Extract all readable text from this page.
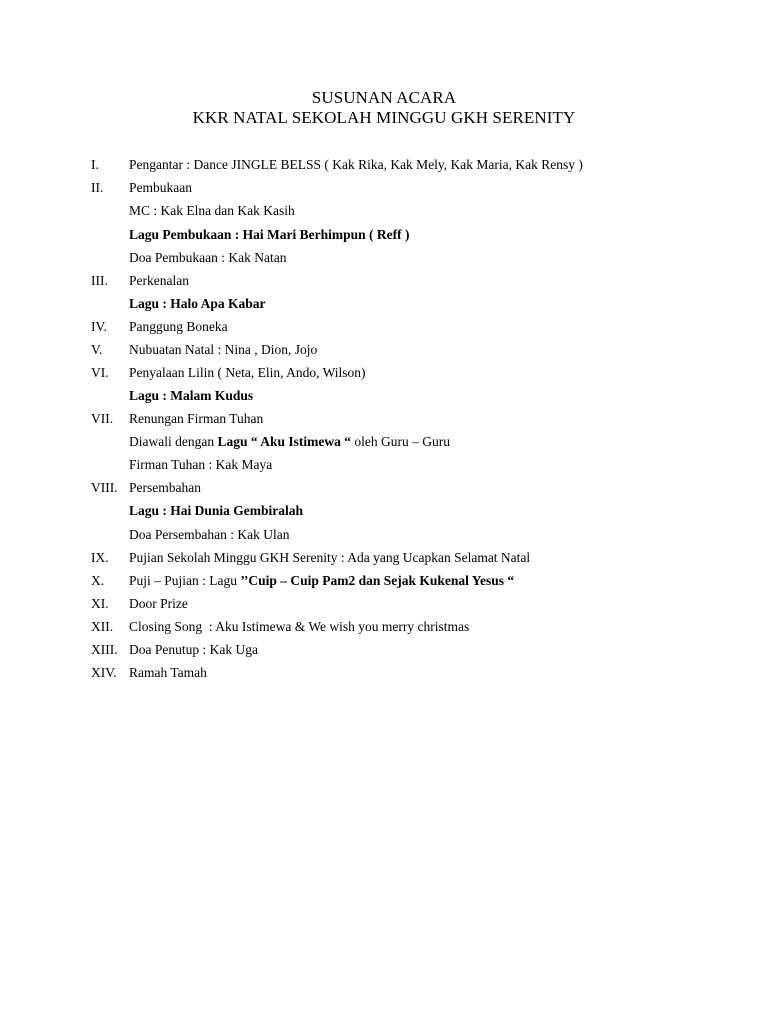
SUSUNAN ACARA
KKR NATAL SEKOLAH MINGGU GKH SERENITY
I. Pengantar : Dance JINGLE BELSS ( Kak Rika, Kak Mely, Kak Maria, Kak Rensy )
II. Pembukaan
MC : Kak Elna dan Kak Kasih
Lagu Pembukaan : Hai Mari Berhimpun ( Reff )
Doa Pembukaan : Kak Natan
III. Perkenalan
Lagu : Halo Apa Kabar
IV. Panggung Boneka
V. Nubuatan Natal : Nina , Dion, Jojo
VI. Penyalaan Lilin ( Neta, Elin, Ando, Wilson)
Lagu : Malam Kudus
VII. Renungan Firman Tuhan
Diawali dengan Lagu “ Aku Istimewa “ oleh Guru – Guru
Firman Tuhan : Kak Maya
VIII. Persembahan
Lagu : Hai Dunia Gembiralah
Doa Persembahan : Kak Ulan
IX. Pujian Sekolah Minggu GKH Serenity : Ada yang Ucapkan Selamat Natal
X. Puji – Pujian : Lagu ’’Cuip – Cuip Pam2 dan Sejak Kukenal Yesus “
XI. Door Prize
XII. Closing Song  : Aku Istimewa & We wish you merry christmas
XIII. Doa Penutup : Kak Uga
XIV. Ramah Tamah
